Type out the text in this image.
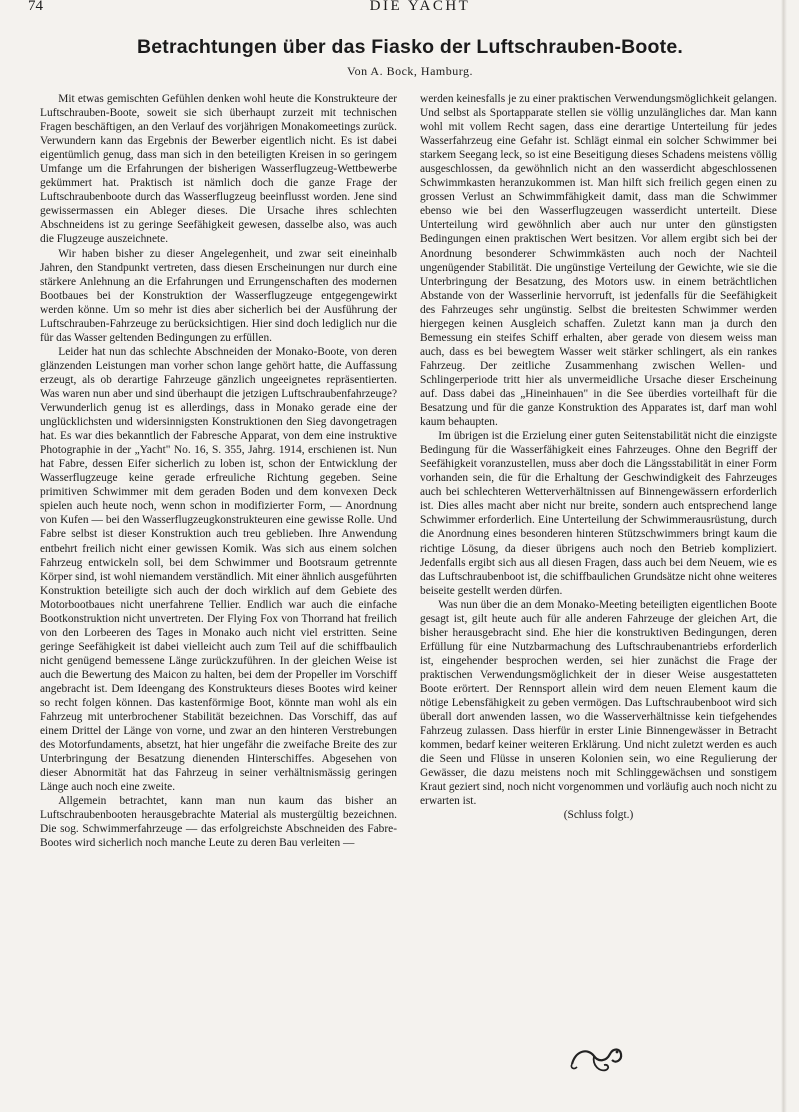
74	DIE YACHT
Betrachtungen über das Fiasko der Luftschrauben-Boote.
Von A. Bock, Hamburg.

Mit etwas gemischten Gefühlen denken wohl heute die Konstrukteure der Luftschrauben-Boote, soweit sie sich überhaupt zurzeit mit technischen Fragen beschäftigen, an den Verlauf des vorjährigen Monakomeetings zurück. Verwundern kann das Ergebnis der Bewerber eigentlich nicht. Es ist dabei eigentümlich genug, dass man sich in den beteiligten Kreisen in so geringem Umfange um die Erfahrungen der bisherigen Wasserflugzeug-Wettbewerbe gekümmert hat. Praktisch ist nämlich doch die ganze Frage der Luftschraubenboote durch das Wasserflugzeug beeinflusst worden. Jene sind gewissermassen ein Ableger dieses. Die Ursache ihres schlechten Abschneidens ist zu geringe Seefähigkeit gewesen, dasselbe also, was auch die Flugzeuge auszeichnete.

Wir haben bisher zu dieser Angelegenheit, und zwar seit eineinhalb Jahren, den Standpunkt vertreten, dass diesen Erscheinungen nur durch eine stärkere Anlehnung an die Erfahrungen und Errungenschaften des modernen Bootbaues bei der Konstruktion der Wasserflugzeuge entgegengewirkt werden könne. Um so mehr ist dies aber sicherlich bei der Ausführung der Luftschrauben-Fahrzeuge zu berücksichtigen. Hier sind doch lediglich nur die für das Wasser geltenden Bedingungen zu erfüllen.

Leider hat nun das schlechte Abschneiden der Monako-Boote, von deren glänzenden Leistungen man vorher schon lange gehört hatte, die Auffassung erzeugt, als ob derartige Fahrzeuge gänzlich ungeeignetes repräsentierten. Was waren nun aber und sind überhaupt die jetzigen Luftschraubenfahrzeuge? Verwunderlich genug ist es allerdings, dass in Monako gerade eine der unglücklichsten und widersinnigsten Konstruktionen den Sieg davongetragen hat. Es war dies bekanntlich der Fabresche Apparat, von dem eine instruktive Photographie in der „Yacht" No. 16, S. 355, Jahrg. 1914, erschienen ist. Nun hat Fabre, dessen Eifer sicherlich zu loben ist, schon der Entwicklung der Wasserflugzeuge keine gerade erfreuliche Richtung gegeben. Seine primitiven Schwimmer mit dem geraden Boden und dem konvexen Deck spielen auch heute noch, wenn schon in modifizierter Form, — Anordnung von Kufen — bei den Wasserflugzeugkonstrukteuren eine gewisse Rolle. Und Fabre selbst ist dieser Konstruktion auch treu geblieben. Ihre Anwendung entbehrt freilich nicht einer gewissen Komik. Was sich aus einem solchen Fahrzeug entwickeln soll, bei dem Schwimmer und Bootsraum getrennte Körper sind, ist wohl niemandem verständlich. Mit einer ähnlich ausgeführten Konstruktion beteiligte sich auch der doch wirklich auf dem Gebiete des Motorbootbaues nicht unerfahrene Tellier. Endlich war auch die einfache Bootkonstruktion nicht unvertreten. Der Flying Fox von Thorrand hat freilich von den Lorbeeren des Tages in Monako auch nicht viel erstritten. Seine geringe Seefähigkeit ist dabei vielleicht auch zum Teil auf die schiffbaulich nicht genügend bemessene Länge zurückzuführen. In der gleichen Weise ist auch die Bewertung des Maicon zu halten, bei dem der Propeller im Vorschiff angebracht ist. Dem Ideengang des Konstrukteurs dieses Bootes wird keiner so recht folgen können. Das kastenförmige Boot, könnte man wohl als ein Fahrzeug mit unterbrochener Stabilität bezeichnen. Das Vorschiff, das auf einem Drittel der Länge von vorne, und zwar an den hinteren Verstrebungen des Motorfundaments, absetzt, hat hier ungefähr die zweifache Breite des zur Unterbringung der Besatzung dienenden Hinterschiffes. Abgesehen von dieser Abnormität hat das Fahrzeug in seiner verhältnismässig geringen Länge auch noch eine zweite.

Allgemein betrachtet, kann man nun kaum das bisher an Luftschraubenbooten herausgebrachte Material als mustergültig bezeichnen. Die sog. Schwimmerfahrzeuge — das erfolgreichste Abschneiden des Fabre-Bootes wird sicherlich noch manche Leute zu deren Bau verleiten —

werden keinesfalls je zu einer praktischen Verwendungsmöglichkeit gelangen. Und selbst als Sportapparate stellen sie völlig unzulängliches dar. Man kann wohl mit vollem Recht sagen, dass eine derartige Unterteilung für jedes Wasserfahrzeug eine Gefahr ist. Schlägt einmal ein solcher Schwimmer bei starkem Seegang leck, so ist eine Beseitigung dieses Schadens meistens völlig ausgeschlossen, da gewöhnlich nicht an den wasserdicht abgeschlossenen Schwimmkasten heranzukommen ist. Man hilft sich freilich gegen einen zu grossen Verlust an Schwimmfähigkeit damit, dass man die Schwimmer ebenso wie bei den Wasserflugzeugen wasserdicht unterteilt. Diese Unterteilung wird gewöhnlich aber auch nur unter den günstigsten Bedingungen einen praktischen Wert besitzen. Vor allem ergibt sich bei der Anordnung besonderer Schwimmkästen auch noch der Nachteil ungenügender Stabilität. Die ungünstige Verteilung der Gewichte, wie sie die Unterbringung der Besatzung, des Motors usw. in einem beträchtlichen Abstande von der Wasserlinie hervorruft, ist jedenfalls für die Seefähigkeit des Fahrzeuges sehr ungünstig. Selbst die breitesten Schwimmer werden hiergegen keinen Ausgleich schaffen. Zuletzt kann man ja durch den Bemessung ein steifes Schiff erhalten, aber gerade von diesem weiss man auch, dass es bei bewegtem Wasser weit stärker schlingert, als ein rankes Fahrzeug. Der zeitliche Zusammenhang zwischen Wellen- und Schlingerperiode tritt hier als unvermeidliche Ursache dieser Erscheinung auf. Dass dabei das „Hineinhauen" in die See überdies vorteilhaft für die Besatzung und für die ganze Konstruktion des Apparates ist, darf man wohl kaum behaupten.

Im übrigen ist die Erzielung einer guten Seitenstabilität nicht die einzigste Bedingung für die Wasserfähigkeit eines Fahrzeuges. Ohne den Begriff der Seefähigkeit voranzustellen, muss aber doch die Längsstabilität in einer Form vorhanden sein, die für die Erhaltung der Geschwindigkeit des Fahrzeuges auch bei schlechteren Wetterverhältnissen auf Binnengewässern erforderlich ist. Dies alles macht aber nicht nur breite, sondern auch entsprechend lange Schwimmer erforderlich. Eine Unterteilung der Schwimmerausrüstung, durch die Anordnung eines besonderen hinteren Stützschwimmers bringt kaum die richtige Lösung, da dieser übrigens auch noch den Betrieb kompliziert. Jedenfalls ergibt sich aus all diesen Fragen, dass auch bei dem Neuem, wie es das Luftschraubenboot ist, die schiffbaulichen Grundsätze nicht ohne weiteres beiseite gestellt werden dürfen.

Was nun über die an dem Monako-Meeting beteiligten eigentlichen Boote gesagt ist, gilt heute auch für alle anderen Fahrzeuge der gleichen Art, die bisher herausgebracht sind. Ehe hier die konstruktiven Bedingungen, deren Erfüllung für eine Nutzbarmachung des Luftschraubenantriebs erforderlich ist, eingehender besprochen werden, sei hier zunächst die Frage der praktischen Verwendungsmöglichkeit der in dieser Weise ausgestatteten Boote erörtert. Der Rennsport allein wird dem neuen Element kaum die nötige Lebensfähigkeit zu geben vermögen. Das Luftschraubenboot wird sich überall dort anwenden lassen, wo die Wasserverhältnisse kein tiefgehendes Fahrzeug zulassen. Dass hierfür in erster Linie Binnengewässer in Betracht kommen, bedarf keiner weiteren Erklärung. Und nicht zuletzt werden es auch die Seen und Flüsse in unseren Kolonien sein, wo eine Regulierung der Gewässer, die dazu meistens noch mit Schlinggewächsen und sonstigem Kraut geziert sind, noch nicht vorgenommen und vorläufig auch noch nicht zu erwarten ist.

(Schluss folgt.)
